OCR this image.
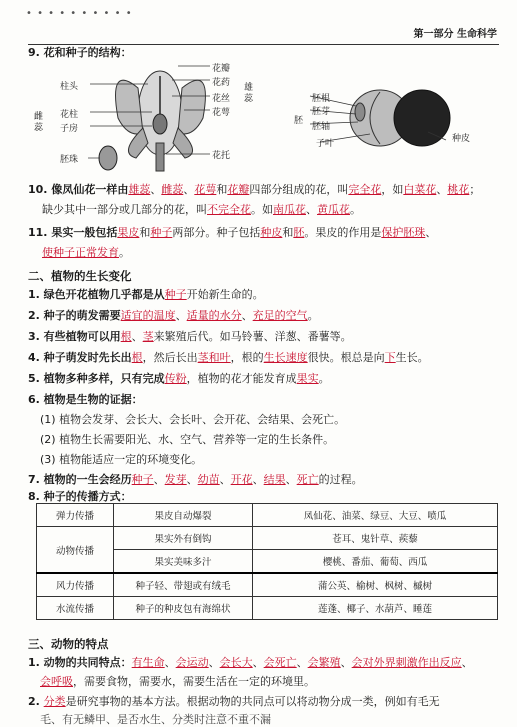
• • • • • • • • • •
第一部分 生命科学
9. 花和种子的结构：
柱头
花柱
子房
胚珠
雌蕊
花瓣
花药
花丝
花萼
花托
雄蕊	胚根
胚芽
胚轴
子叶
胚
种皮
10. 像凤仙花一样由雄蕊、雌蕊、花萼和花瓣四部分组成的花，叫完全花，如白菜花、桃花；
缺少其中一部分或几部分的花，叫不完全花。如南瓜花、黄瓜花。
11. 果实一般包括果皮和种子两部分。种子包括种皮和胚。果皮的作用是保护胚珠、
使种子正常发育。
二、植物的生长变化
1. 绿色开花植物几乎都是从种子开始新生命的。
2. 种子的萌发需要适宜的温度、适量的水分、充足的空气。
3. 有些植物可以用根、茎来繁殖后代。如马铃薯、洋葱、番薯等。
4. 种子萌发时先长出根，然后长出茎和叶，根的生长速度很快。根总是向下生长。
5. 植物多种多样，只有完成传粉，植物的花才能发育成果实。
6. 植物是生物的证据：
(1) 植物会发芽、会长大、会长叶、会开花、会结果、会死亡。
(2) 植物生长需要阳光、水、空气、营养等一定的生长条件。
(3) 植物能适应一定的环境变化。
7. 植物的一生会经历种子、发芽、幼苗、开花、结果、死亡的过程。
8. 种子的传播方式：
弹力传播	果皮自动爆裂	凤仙花、油菜、绿豆、大豆、喷瓜
动物传播	果实外有倒钩	苍耳、鬼针草、蒺藜
	果实美味多汁	樱桃、番茄、葡萄、西瓜
风力传播	种子轻、带翅或有绒毛	蒲公英、榆树、枫树、槭树
水流传播	种子的种皮包有海绵状	莲蓬、椰子、水葫芦、睡莲
三、动物的特点
1. 动物的共同特点：有生命、会运动、会长大、会死亡、会繁殖、会对外界刺激作出反应、
会呼吸，需要食物，需要水，需要生活在一定的环境里。
2. 分类是研究事物的基本方法。根据动物的共同点可以将动物分成一类，例如有毛无
毛、有无鳞甲、是否水生、分类时注意不重不漏
